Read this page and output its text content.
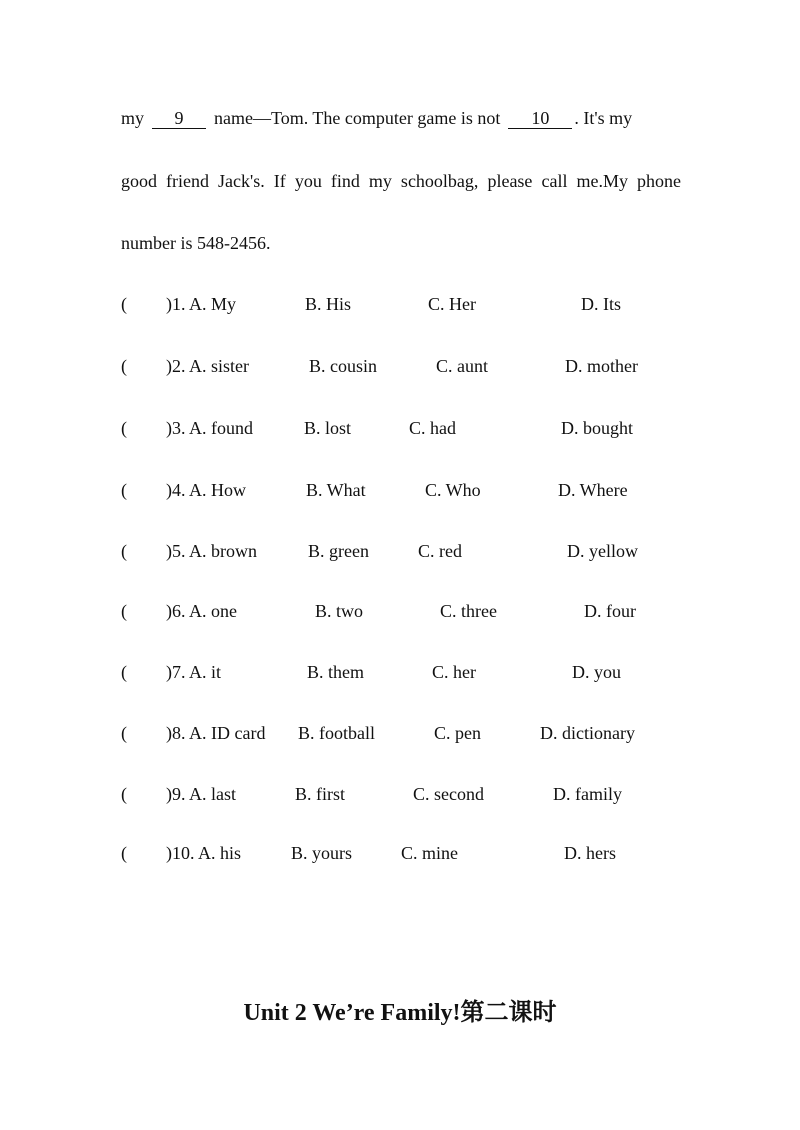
my 9 name—Tom. The computer game is not 10 . It's my
good friend Jack's. If you find my schoolbag, please call me.My phone
number is 548-2456.
( )1. A. My	B. His	C. Her	D. Its
( )2. A. sister	B. cousin	C. aunt	D. mother
( )3. A. found	B. lost	C. had	D. bought
( )4. A. How	B. What	C. Who	D. Where
( )5. A. brown	B. green	C. red	D. yellow
( )6. A. one	B. two	C. three	D. four
( )7. A. it	B. them	C. her	D. you
( )8. A. ID card B. football	C. pen	D. dictionary
( )9. A. last	B. first	C. second	D. family
( )10. A. his	B. yours	C. mine	D. hers
Unit 2 We’re Family!第二课时
